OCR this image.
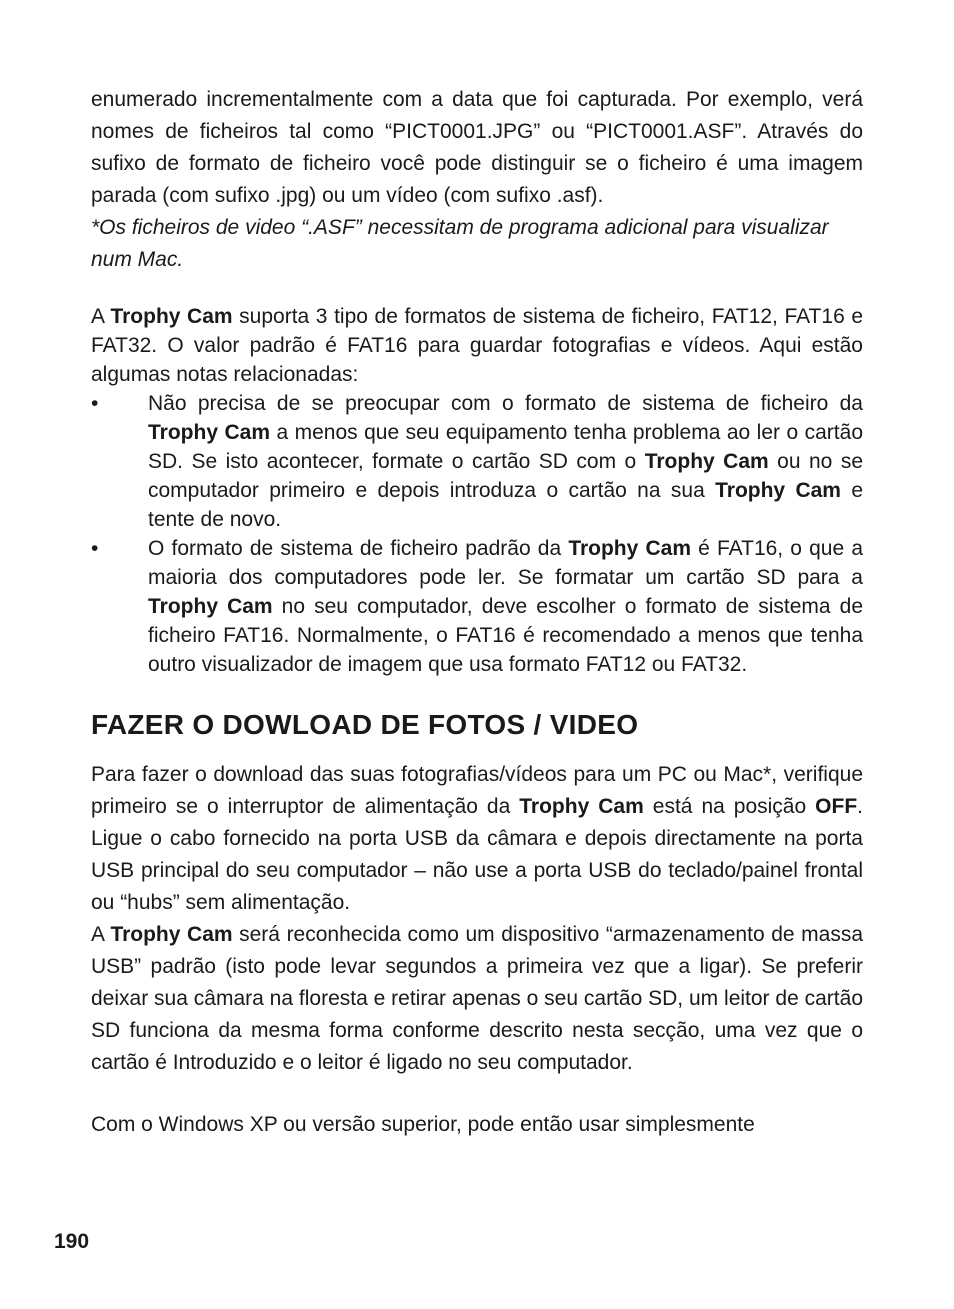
enumerado incrementalmente com a data que foi capturada. Por exemplo, verá nomes de ficheiros tal como “PICT0001.JPG” ou “PICT0001.ASF”. Através do sufixo de formato de ficheiro você pode distinguir se o ficheiro é uma imagem parada (com sufixo .jpg) ou um vídeo (com sufixo .asf).

*Os ficheiros de video “.ASF” necessitam de programa adicional para visualizar num Mac.

A Trophy Cam suporta 3 tipo de formatos de sistema de ficheiro, FAT12, FAT16 e FAT32. O valor padrão é FAT16 para guardar fotografias e vídeos. Aqui estão algumas notas relacionadas:

• Não precisa de se preocupar com o formato de sistema de ficheiro da Trophy Cam a menos que seu equipamento tenha problema ao ler o cartão SD. Se isto acontecer, formate o cartão SD com o Trophy Cam ou no se computador primeiro e depois introduza o cartão na sua Trophy Cam e tente de novo.
• O formato de sistema de ficheiro padrão da Trophy Cam é FAT16, o que a maioria dos computadores pode ler. Se formatar um cartão SD para a Trophy Cam no seu computador, deve escolher o formato de sistema de ficheiro FAT16. Normalmente, o FAT16 é recomendado a menos que tenha outro visualizador de imagem que usa formato FAT12 ou FAT32.
FAZER O DOWLOAD DE FOTOS / VIDEO

Para fazer o download das suas fotografias/vídeos para um PC ou Mac*, verifique primeiro se o interruptor de alimentação da Trophy Cam está na posição OFF. Ligue o cabo fornecido na porta USB da câmara e depois directamente na porta USB principal do seu computador – não use a porta USB do teclado/painel frontal ou “hubs” sem alimentação.

A Trophy Cam será reconhecida como um dispositivo “armazenamento de massa USB” padrão (isto pode levar segundos a primeira vez que a ligar). Se preferir deixar sua câmara na floresta e retirar apenas o seu cartão SD, um leitor de cartão SD funciona da mesma forma conforme descrito nesta secção, uma vez que o cartão é Introduzido e o leitor é ligado no seu computador.

Com o Windows XP ou versão superior, pode então usar simplesmente

190
